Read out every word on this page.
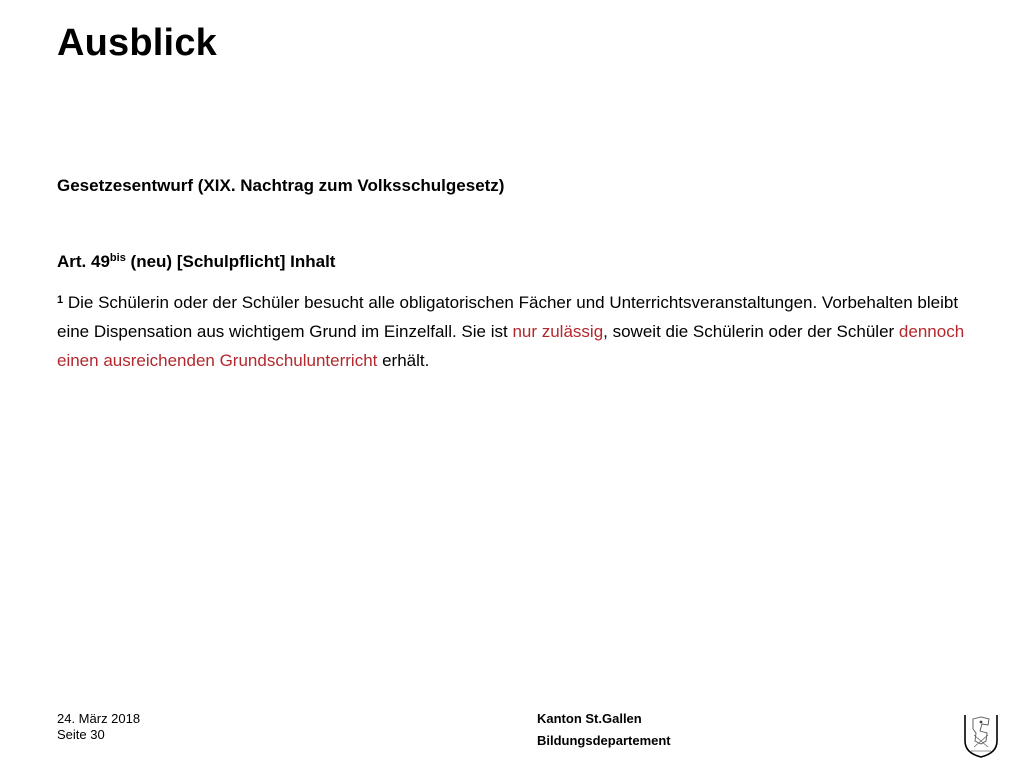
Ausblick

Gesetzesentwurf (XIX. Nachtrag zum Volksschulgesetz)

Art. $49^{bis}$ (neu) [Schulpflicht] Inhalt

$^1$ Die Schülerin oder der Schüler besucht alle obligatorischen Fächer und Unterrichtsveranstaltungen. Vorbehalten bleibt eine Dispensation aus wichtigem Grund im Einzelfall. Sie ist nur zulässig, soweit die Schülerin oder der Schüler dennoch einen ausreichenden Grundschulunterricht erhält.

24. März 2018
Seite 30
Kanton St.Gallen
Bildungsdepartement
